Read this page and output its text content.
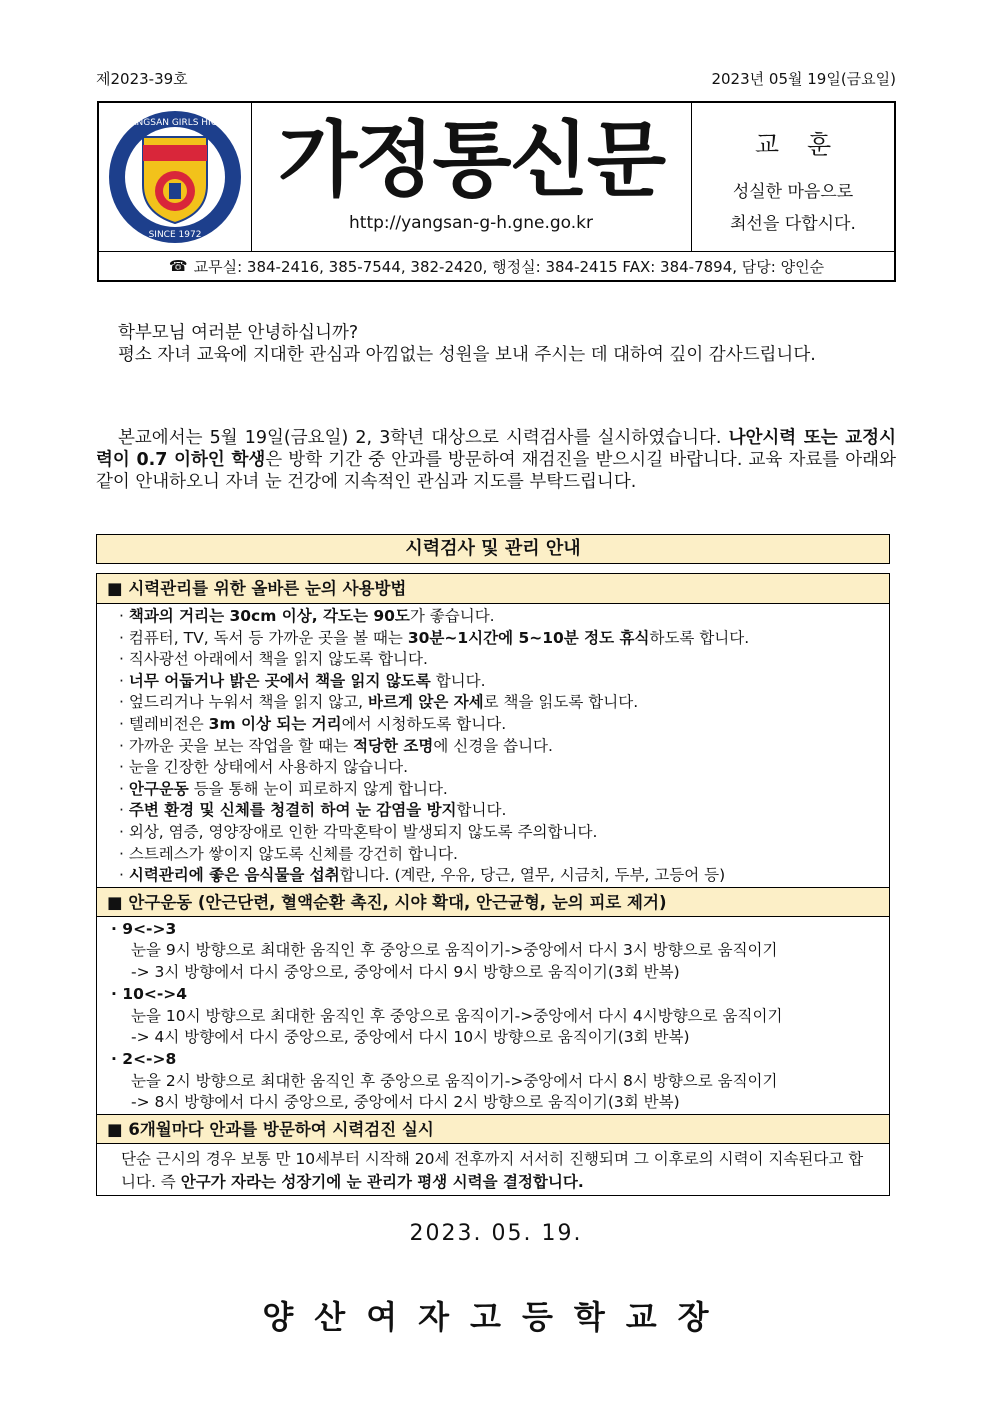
제2023-39호	2023년 05월 19일(금요일)
YANGSAN GIRLS HIGH
SINCE 1972
가정통신문
http://yangsan-g-h.gne.go.kr
교훈
성실한 마음으로
최선을 다합시다.
☎ 교무실: 384-2416, 385-7544, 382-2420, 행정실: 384-2415 FAX: 384-7894, 담당: 양인순

학부모님 여러분 안녕하십니까?

평소 자녀 교육에 지대한 관심과 아낌없는 성원을 보내 주시는 데 대하여 깊이 감사드립니다.

본교에서는 5월 19일(금요일) 2, 3학년 대상으로 시력검사를 실시하였습니다. 나안시력 또는 교정시력이 0.7 이하인 학생은 방학 기간 중 안과를 방문하여 재검진을 받으시길 바랍니다. 교육 자료를 아래와 같이 안내하오니 자녀 눈 건강에 지속적인 관심과 지도를 부탁드립니다.

시력검사 및 관리 안내
■ 시력관리를 위한 올바른 눈의 사용방법
· 책과의 거리는 30cm 이상, 각도는 90도가 좋습니다.
· 컴퓨터, TV, 독서 등 가까운 곳을 볼 때는 30분~1시간에 5~10분 정도 휴식하도록 합니다.
· 직사광선 아래에서 책을 읽지 않도록 합니다.
· 너무 어둡거나 밝은 곳에서 책을 읽지 않도록 합니다.
· 엎드리거나 누워서 책을 읽지 않고, 바르게 앉은 자세로 책을 읽도록 합니다.
· 텔레비전은 3m 이상 되는 거리에서 시청하도록 합니다.
· 가까운 곳을 보는 작업을 할 때는 적당한 조명에 신경을 씁니다.
· 눈을 긴장한 상태에서 사용하지 않습니다.
· 안구운동 등을 통해 눈이 피로하지 않게 합니다.
· 주변 환경 및 신체를 청결히 하여 눈 감염을 방지합니다.
· 외상, 염증, 영양장애로 인한 각막혼탁이 발생되지 않도록 주의합니다.
· 스트레스가 쌓이지 않도록 신체를 강건히 합니다.
· 시력관리에 좋은 음식물을 섭취합니다. (계란, 우유, 당근, 열무, 시금치, 두부, 고등어 등)
■ 안구운동 (안근단련, 혈액순환 촉진, 시야 확대, 안근균형, 눈의 피로 제거)
· 9<->3
눈을 9시 방향으로 최대한 움직인 후 중앙으로 움직이기->중앙에서 다시 3시 방향으로 움직이기
-> 3시 방향에서 다시 중앙으로, 중앙에서 다시 9시 방향으로 움직이기(3회 반복)
· 10<->4
눈을 10시 방향으로 최대한 움직인 후 중앙으로 움직이기->중앙에서 다시 4시방향으로 움직이기
-> 4시 방향에서 다시 중앙으로, 중앙에서 다시 10시 방향으로 움직이기(3회 반복)
· 2<->8
눈을 2시 방향으로 최대한 움직인 후 중앙으로 움직이기->중앙에서 다시 8시 방향으로 움직이기
-> 8시 방향에서 다시 중앙으로, 중앙에서 다시 2시 방향으로 움직이기(3회 반복)
■ 6개월마다 안과를 방문하여 시력검진 실시
단순 근시의 경우 보통 만 10세부터 시작해 20세 전후까지 서서히 진행되며 그 이후로의 시력이 지속된다고 합니다. 즉 안구가 자라는 성장기에 눈 관리가 평생 시력을 결정합니다.
2023. 05. 19.
양산여자고등학교장
